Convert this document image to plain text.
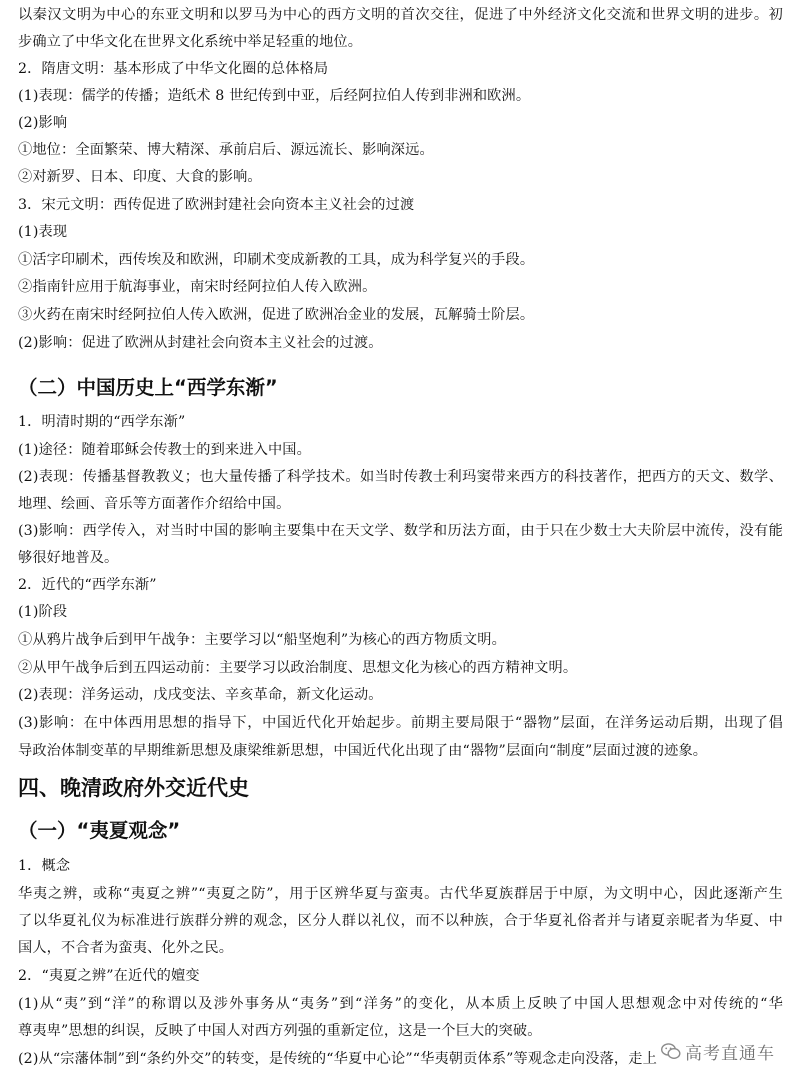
以秦汉文明为中心的东亚文明和以罗马为中心的西方文明的首次交往，促进了中外经济文化交流和世界文明的进步。初
步确立了中华文化在世界文化系统中举足轻重的地位。
2．隋唐文明：基本形成了中华文化圈的总体格局
(1)表现：儒学的传播；造纸术 8 世纪传到中亚，后经阿拉伯人传到非洲和欧洲。
(2)影响
①地位：全面繁荣、博大精深、承前启后、源远流长、影响深远。
②对新罗、日本、印度、大食的影响。
3．宋元文明：西传促进了欧洲封建社会向资本主义社会的过渡
(1)表现
①活字印刷术，西传埃及和欧洲，印刷术变成新教的工具，成为科学复兴的手段。
②指南针应用于航海事业，南宋时经阿拉伯人传入欧洲。
③火药在南宋时经阿拉伯人传入欧洲，促进了欧洲冶金业的发展，瓦解骑士阶层。
(2)影响：促进了欧洲从封建社会向资本主义社会的过渡。
（二）中国历史上“西学东渐”
1．明清时期的“西学东渐”
(1)途径：随着耶稣会传教士的到来进入中国。
(2)表现：传播基督教教义；也大量传播了科学技术。如当时传教士利玛窦带来西方的科技著作，把西方的天文、数学、
地理、绘画、音乐等方面著作介绍给中国。
(3)影响：西学传入，对当时中国的影响主要集中在天文学、数学和历法方面，由于只在少数士大夫阶层中流传，没有能
够很好地普及。
2．近代的“西学东渐”
(1)阶段
①从鸦片战争后到甲午战争：主要学习以“船坚炮利”为核心的西方物质文明。
②从甲午战争后到五四运动前：主要学习以政治制度、思想文化为核心的西方精神文明。
(2)表现：洋务运动，戊戌变法、辛亥革命，新文化运动。
(3)影响：在中体西用思想的指导下，中国近代化开始起步。前期主要局限于“器物”层面，在洋务运动后期，出现了倡
导政治体制变革的早期维新思想及康梁维新思想，中国近代化出现了由“器物”层面向“制度”层面过渡的迹象。
四、晚清政府外交近代史
（一）“夷夏观念”
1．概念
华夷之辨，或称“夷夏之辨”“夷夏之防”，用于区辨华夏与蛮夷。古代华夏族群居于中原，为文明中心，因此逐渐产生
了以华夏礼仪为标准进行族群分辨的观念，区分人群以礼仪，而不以种族，合于华夏礼俗者并与诸夏亲昵者为华夏、中
国人，不合者为蛮夷、化外之民。
2．“夷夏之辨”在近代的嬗变
(1)从“夷”到“洋”的称谓以及涉外事务从“夷务”到“洋务”的变化，从本质上反映了中国人思想观念中对传统的“华
尊夷卑”思想的纠误，反映了中国人对西方列强的重新定位，这是一个巨大的突破。
(2)从“宗藩体制”到“条约外交”的转变，是传统的“华夏中心论”“华夷朝贡体系”等观念走向没落，走上 高考直通车
